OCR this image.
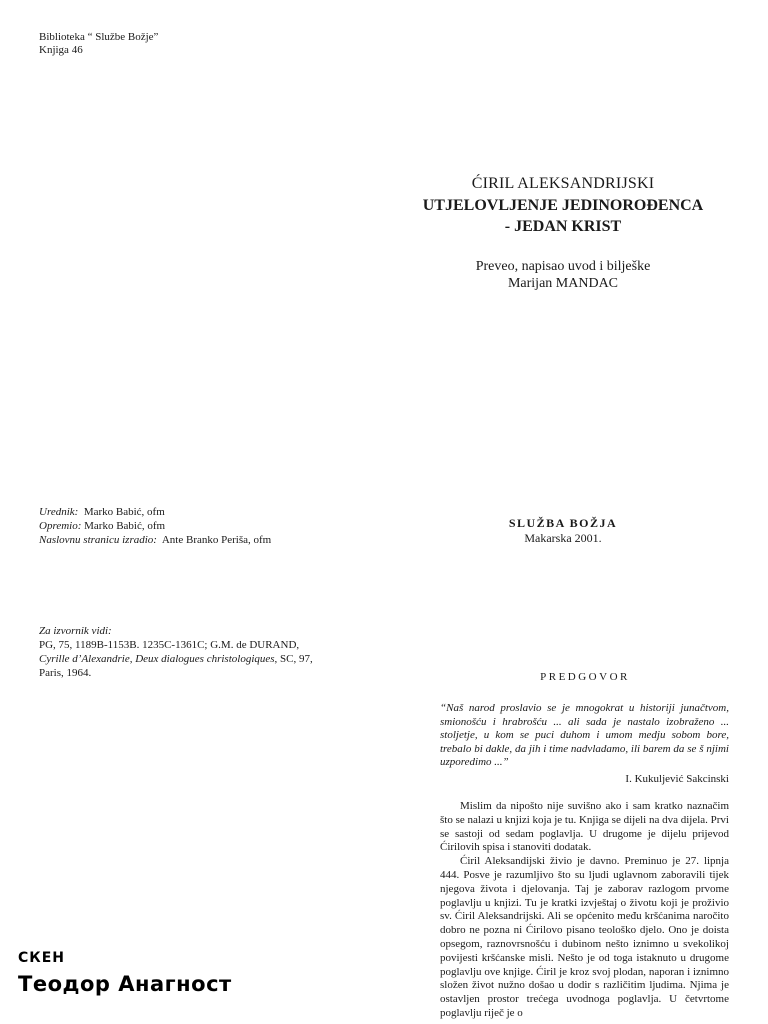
Biblioteka “ Službe Božje”
Knjiga 46
ĆIRIL ALEKSANDRIJSKI
UTJELOVLJENJE JEDINOROĐENCA
- JEDAN KRIST
Preveo, napisao uvod i bilješke
Marijan MANDAC
Urednik: Marko Babić, ofm
Opremio: Marko Babić, ofm
Naslovnu stranicu izradio: Ante Branko Periša, ofm
SLUŽBA BOŽJA
Makarska 2001.
Za izvornik vidi:
PG, 75, 1189B-1153B. 1235C-1361C; G.M. de DURAND,
Cyrille d’Alexandrie, Deux dialogues christologiques, SC, 97,
Paris, 1964.	PREDGOVOR
“Naš narod proslavio se je mnogokrat u historiji junačtvom, smionošću i hrabrošću ... ali sada je nastalo izobraženo ... stoljetje, u kom se puci duhom i umom medju sobom bore, trebalo bi dakle, da jih i time nadvladamo, ili barem da se š njimi uzporedimo ...”
I. Kukuljević Sakcinski

Mislim da nipošto nije suvišno ako i sam kratko naznačim što se nalazi u knjizi koja je tu. Knjiga se dijeli na dva dijela. Prvi se sastoji od sedam poglavlja. U drugome je dijelu prijevod Ćirilovih spisa i stanoviti dodatak.

Ćiril Aleksandijski živio je davno. Preminuo je 27. lipnja 444. Posve je razumljivo što su ljudi uglavnom zaboravili tijek njegova života i djelovanja. Taj je zaborav razlogom prvome poglavlju u knjizi. Tu je kratki izvještaj o životu koji je proživio sv. Ćiril Aleksandrijski. Ali se općenito među kršćanima naročito dobro ne pozna ni Ćirilovo pisano teološko djelo. Ono je doista opsegom, raznovrsnošću i dubinom nešto iznimno u svekolikoj povijesti kršćanske misli. Nešto je od toga istaknuto u drugome poglavlju ove knjige. Ćiril je kroz svoj plodan, naporan i iznimno složen život nužno došao u dodir s različitim ljudima. Njima je ostavljen prostor trećega uvodnoga poglavlja. U četvrtome poglavlju riječ je o

СКЕН
Теодор Анагност
